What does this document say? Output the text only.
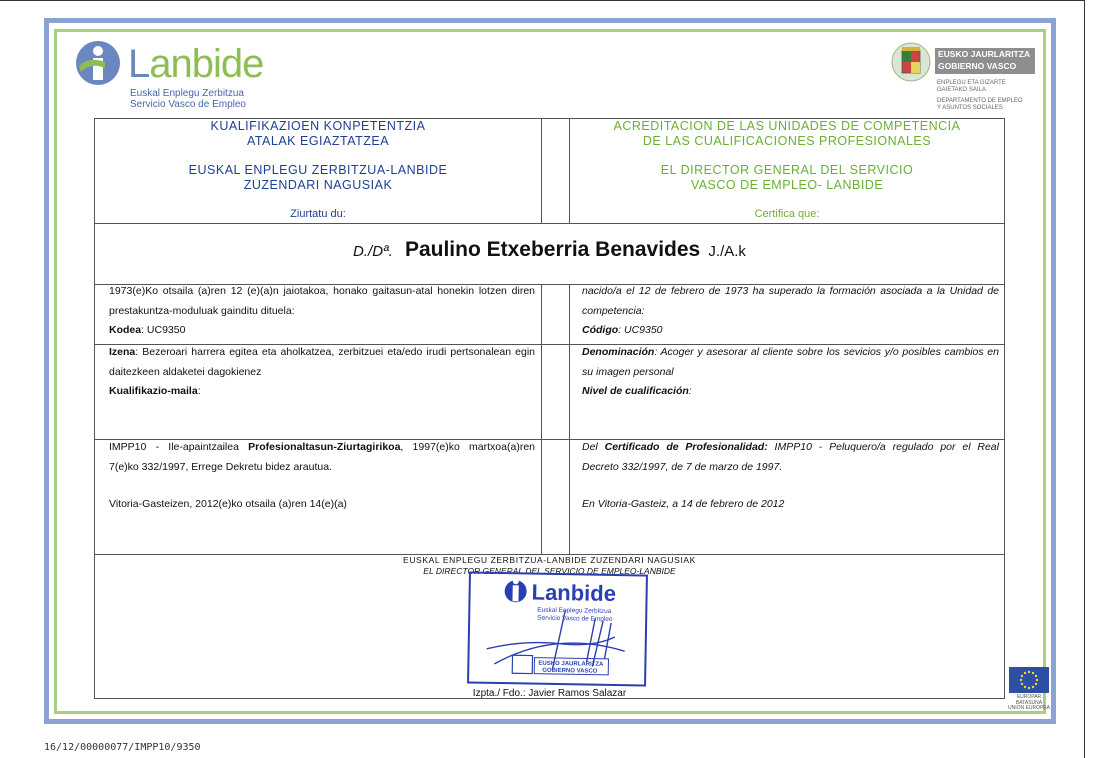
Lanbide
Euskal Enplegu Zerbitzua
Servicio Vasco de Empleo
EUSKO JAURLARITZA
GOBIERNO VASCO
ENPLEGU ETA GIZARTE
GAIETAKO SAILA
DEPARTAMENTO DE EMPLEO
Y ASUNTOS SOCIALES
KUALIFIKAZIOEN KONPETENTZIA
ATALAK EGIAZTATZEA
EUSKAL ENPLEGU ZERBITZUA-LANBIDE
ZUZENDARI NAGUSIAK
ACREDITACION DE LAS UNIDADES DE COMPETENCIA
DE LAS CUALIFICACIONES PROFESIONALES
EL DIRECTOR GENERAL DEL SERVICIO
VASCO DE EMPLEO- LANBIDE
Ziurtatu du:	Certifica que:
D./Dª. Paulino Etxeberria Benavides J./A.k
1973(e)Ko otsaila (a)ren 12 (e)(a)n jaiotakoa, honako gaitasun-atal honekin lotzen diren prestakuntza-moduluak gainditu dituela:
Kodea: UC9350
nacido/a el 12 de febrero de 1973 ha superado la formación asociada a la Unidad de competencia:
Código: UC9350
Izena: Bezeroari harrera egitea eta aholkatzea, zerbitzuei eta/edo irudi pertsonalean egin daitezkeen aldaketei dagokienez
Kualifikazio-maila:
Denominación: Acoger y asesorar al cliente sobre los sevicios y/o posibles cambios en su imagen personal
Nivel de cualificación:
IMPP10 - Ile-apaintzailea Profesionaltasun-Ziurtagirikoa, 1997(e)ko martxoa(a)ren 7(e)ko 332/1997, Errege Dekretu bidez arautua.
Vitoria-Gasteizen, 2012(e)ko otsaila (a)ren 14(e)(a)
Del Certificado de Profesionalidad: IMPP10 - Peluquero/a regulado por el Real Decreto 332/1997, de 7 de marzo de 1997.
En Vitoria-Gasteiz, a 14 de febrero de 2012
EUSKAL ENPLEGU ZERBITZUA-LANBIDE ZUZENDARI NAGUSIAK
EL DIRECTOR GENERAL DEL SERVICIO DE EMPLEO-LANBIDE
Lanbide
Euskal Enplegu Zerbitzua
Servicio Vasco de Empleo
EUSKO JAURLARITZA
GOBIERNO VASCO
Izpta./ Fdo.: Javier Ramos Salazar	EUROPAR BATASUNA
UNION EUROPEA
16/12/00000077/IMPP10/9350
